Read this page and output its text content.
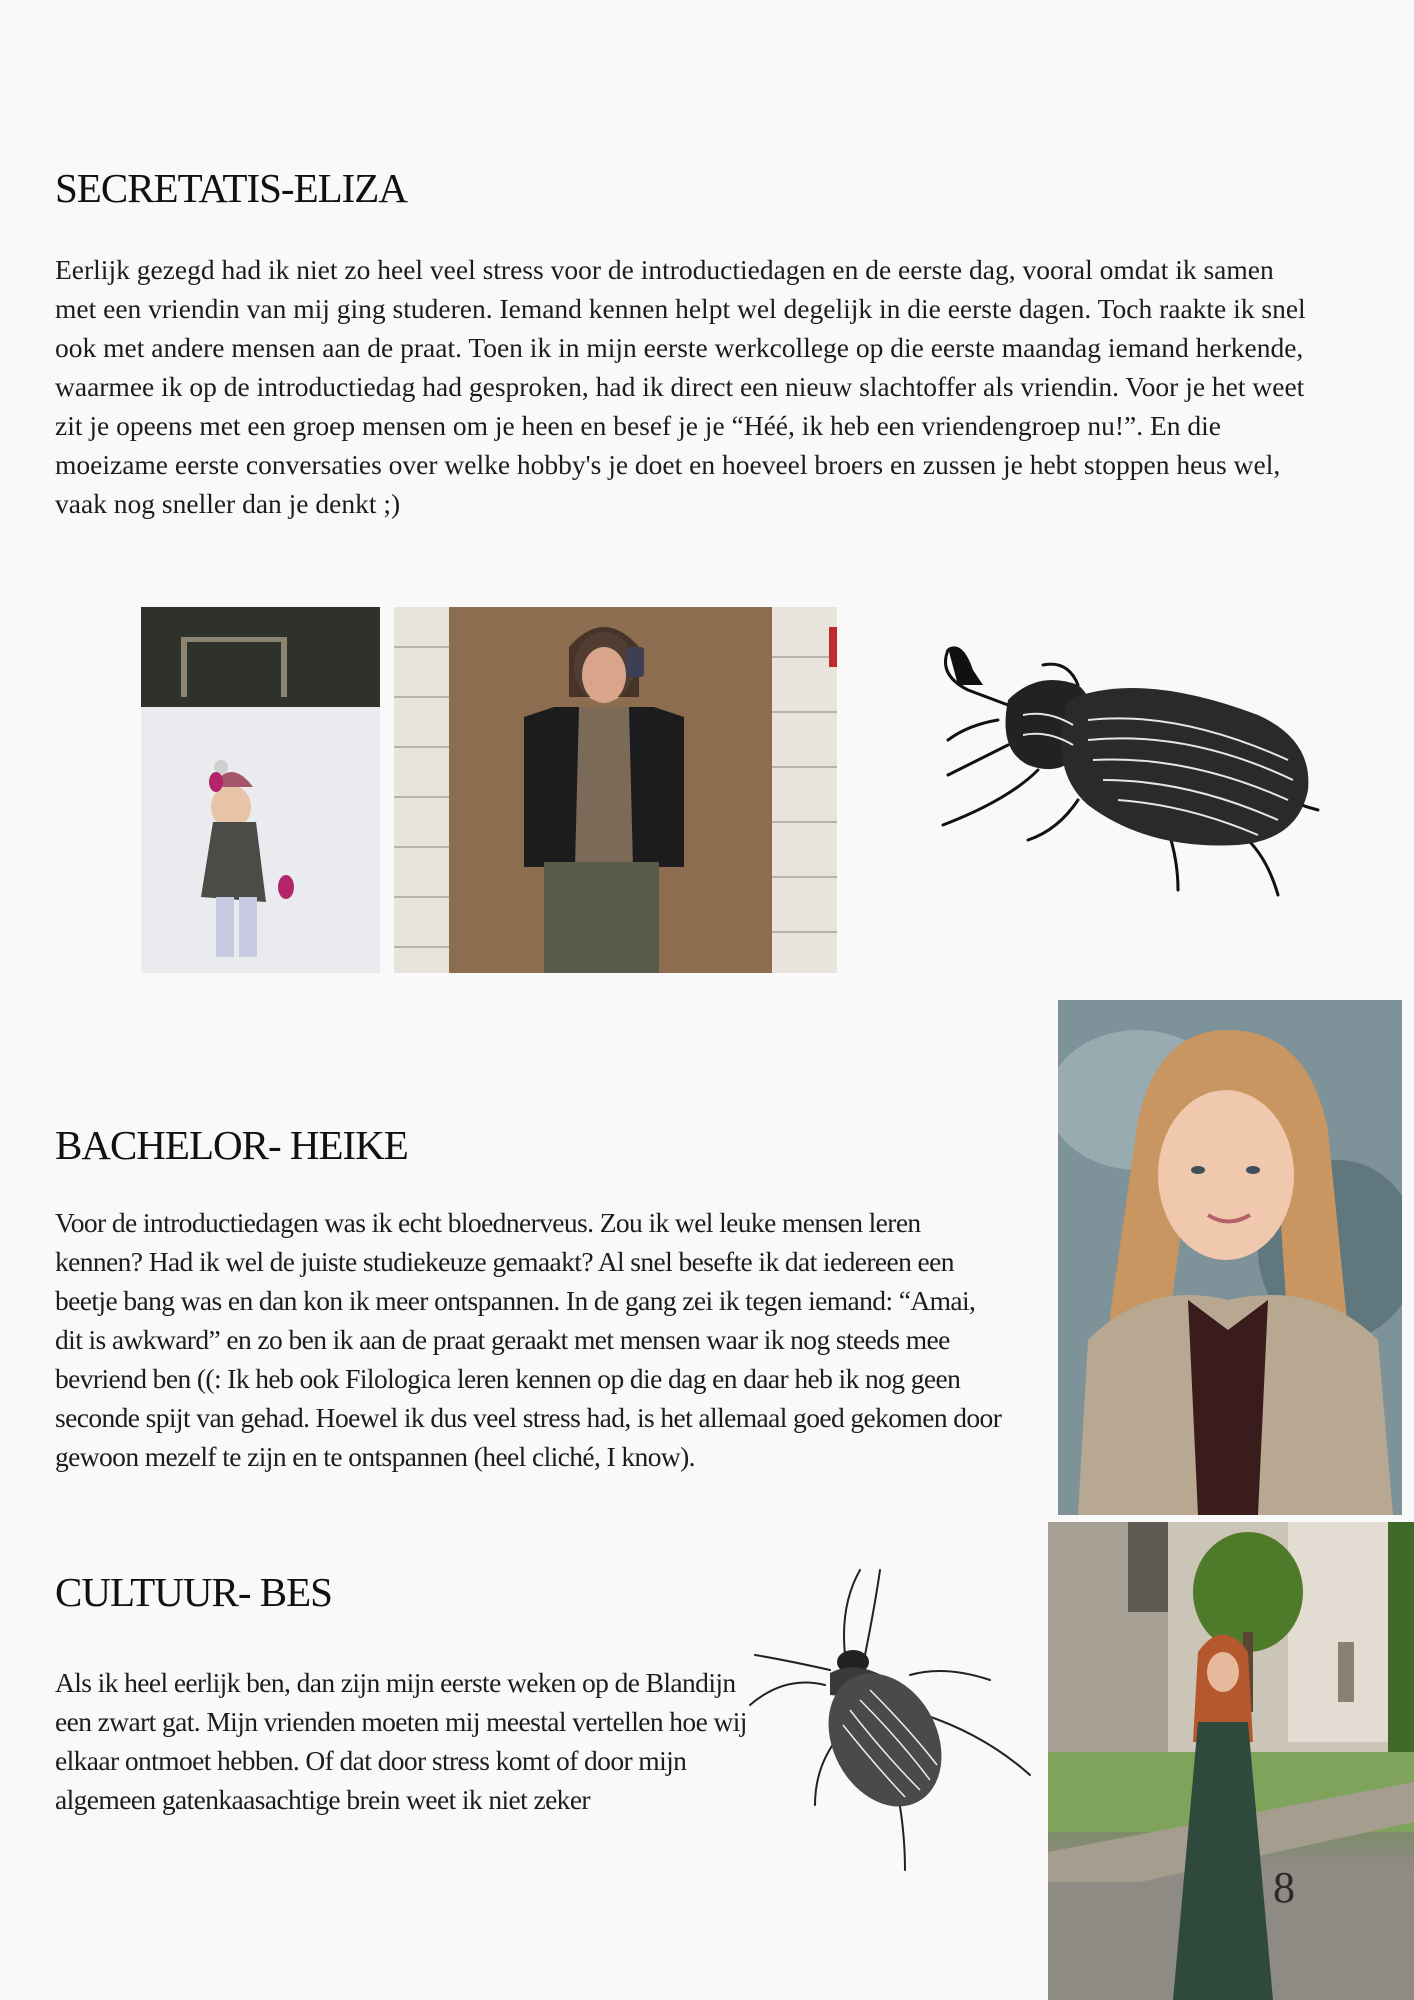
SECRETATIS-ELIZA

Eerlijk gezegd had ik niet zo heel veel stress voor de introductiedagen en de eerste dag, vooral omdat ik samen met een vriendin van mij ging studeren. Iemand kennen helpt wel degelijk in die eerste dagen. Toch raakte ik snel ook met andere mensen aan de praat. Toen ik in mijn eerste werkcollege op die eerste maandag iemand herkende, waarmee ik op de introductiedag had gesproken, had ik direct een nieuw slachtoffer als vriendin. Voor je het weet zit je opeens met een groep mensen om je heen en besef je je “Héé, ik heb een vriendengroep nu!”. En die moeizame eerste conversaties over welke hobby's je doet en hoeveel broers en zussen je hebt stoppen heus wel, vaak nog sneller dan je denkt ;)

BACHELOR- HEIKE

Voor de introductiedagen was ik echt bloednerveus. Zou ik wel leuke mensen leren kennen? Had ik wel de juiste studiekeuze gemaakt? Al snel besefte ik dat iedereen een beetje bang was en dan kon ik meer ontspannen. In de gang zei ik tegen iemand: “Amai, dit is awkward” en zo ben ik aan de praat geraakt met mensen waar ik nog steeds mee bevriend ben ((: Ik heb ook Filologica leren kennen op die dag en daar heb ik nog geen seconde spijt van gehad. Hoewel ik dus veel stress had, is het allemaal goed gekomen door gewoon mezelf te zijn en te ontspannen (heel cliché, I know).

CULTUUR- BES

Als ik heel eerlijk ben, dan zijn mijn eerste weken op de Blandijn een zwart gat. Mijn vrienden moeten mij meestal vertellen hoe wij elkaar ontmoet hebben. Of dat door stress komt of door mijn algemeen gatenkaasachtige brein weet ik niet zeker

8
